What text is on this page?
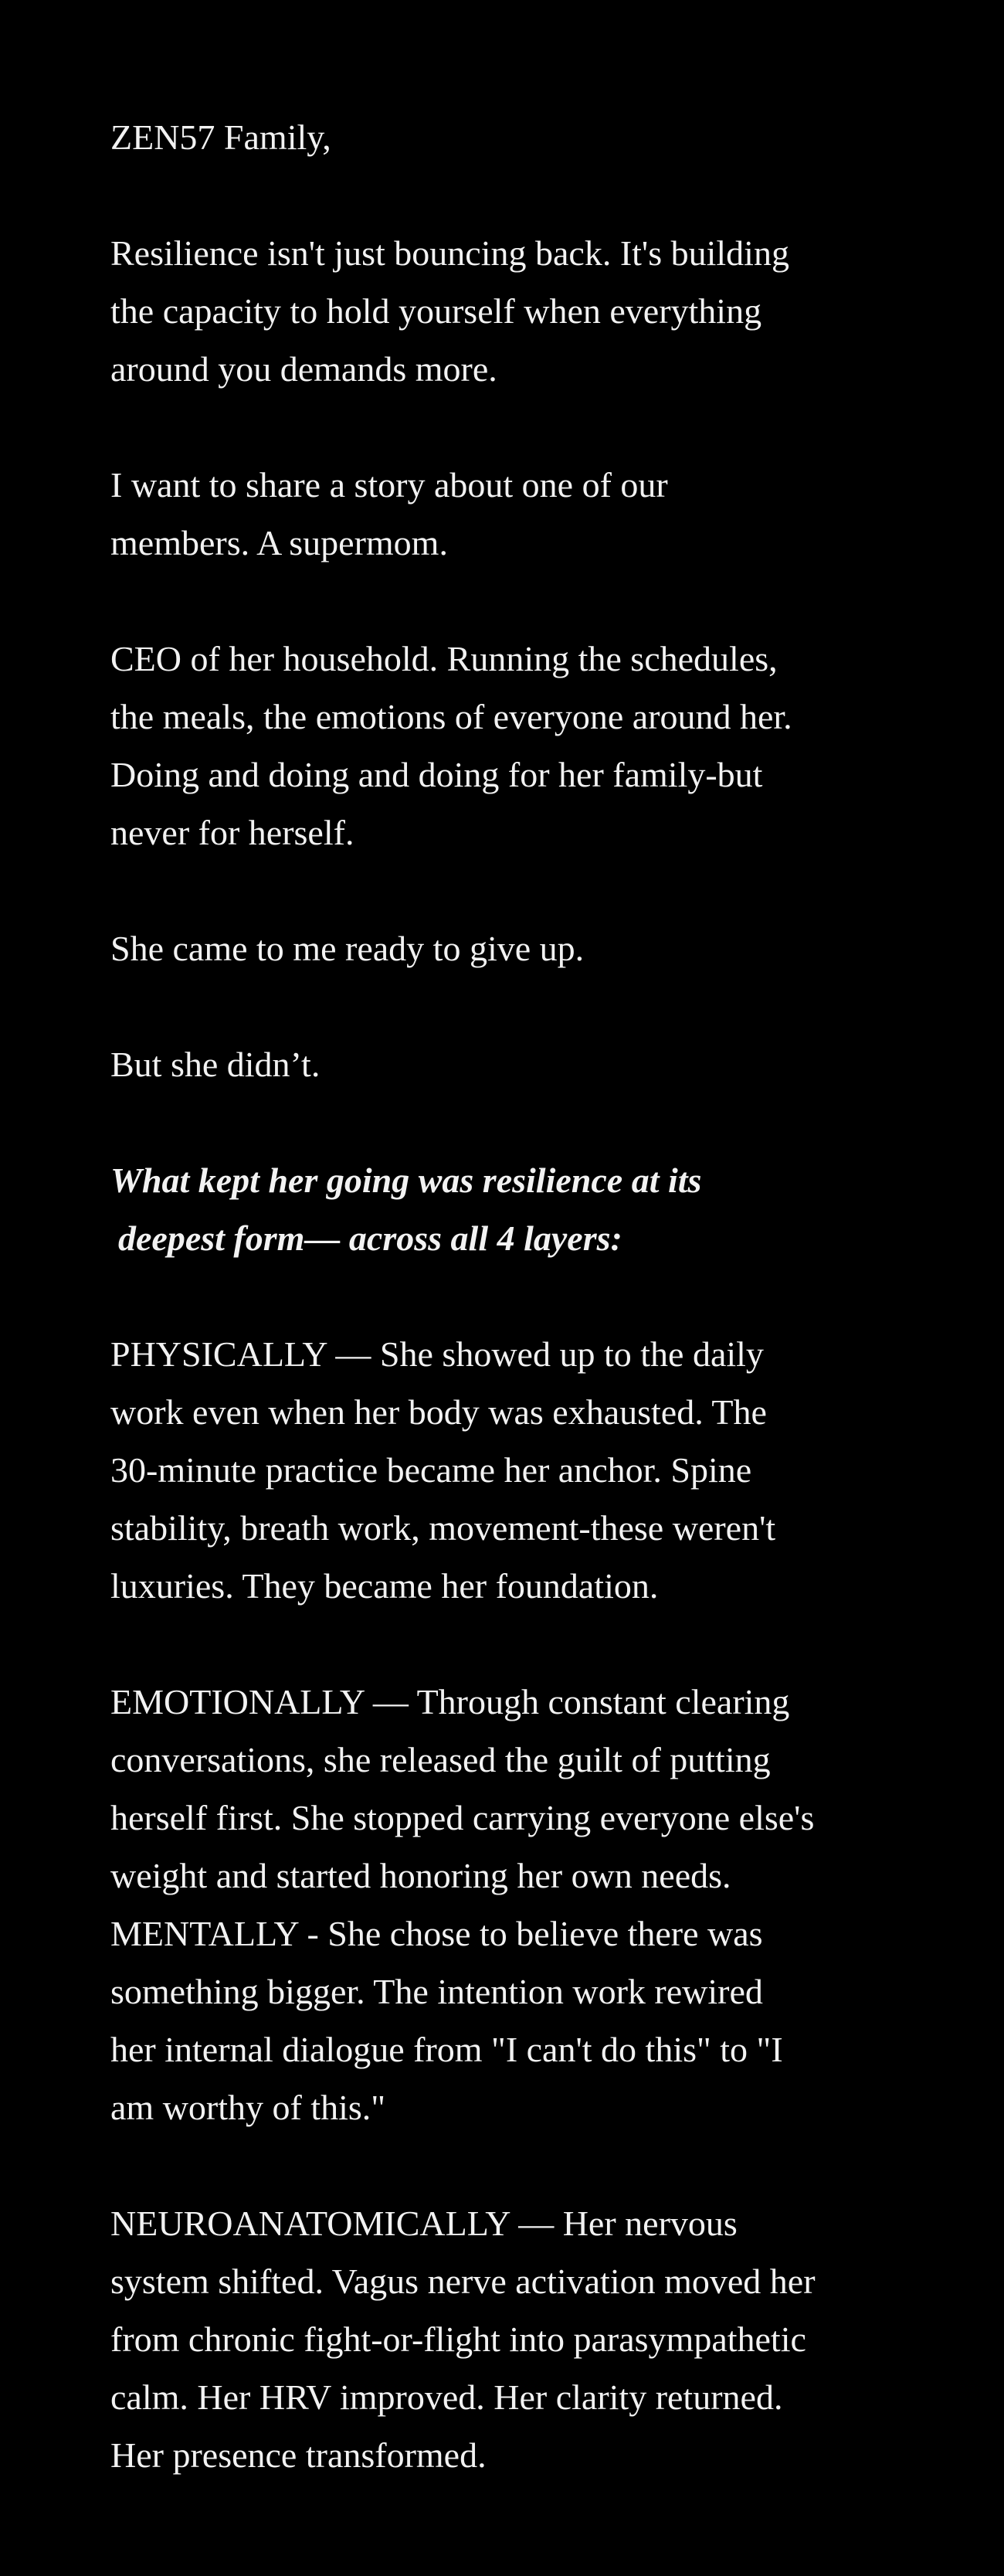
ZEN57 Family,

Resilience isn't just bouncing back. It's building
the capacity to hold yourself when everything
around you demands more.

I want to share a story about one of our
members. A supermom.

CEO of her household. Running the schedules,
the meals, the emotions of everyone around her.
Doing and doing and doing for her family-but
never for herself.

She came to me ready to give up.

But she didn’t.

What kept her going was resilience at its
deepest form— across all 4 layers:

PHYSICALLY — She showed up to the daily
work even when her body was exhausted. The
30-minute practice became her anchor. Spine
stability, breath work, movement-these weren't
luxuries. They became her foundation.

EMOTIONALLY — Through constant clearing
conversations, she released the guilt of putting
herself first. She stopped carrying everyone else's
weight and started honoring her own needs.

MENTALLY - She chose to believe there was
something bigger. The intention work rewired
her internal dialogue from "I can't do this" to "I
am worthy of this."

NEUROANATOMICALLY — Her nervous
system shifted. Vagus nerve activation moved her
from chronic fight-or-flight into parasympathetic
calm. Her HRV improved. Her clarity returned.
Her presence transformed.
